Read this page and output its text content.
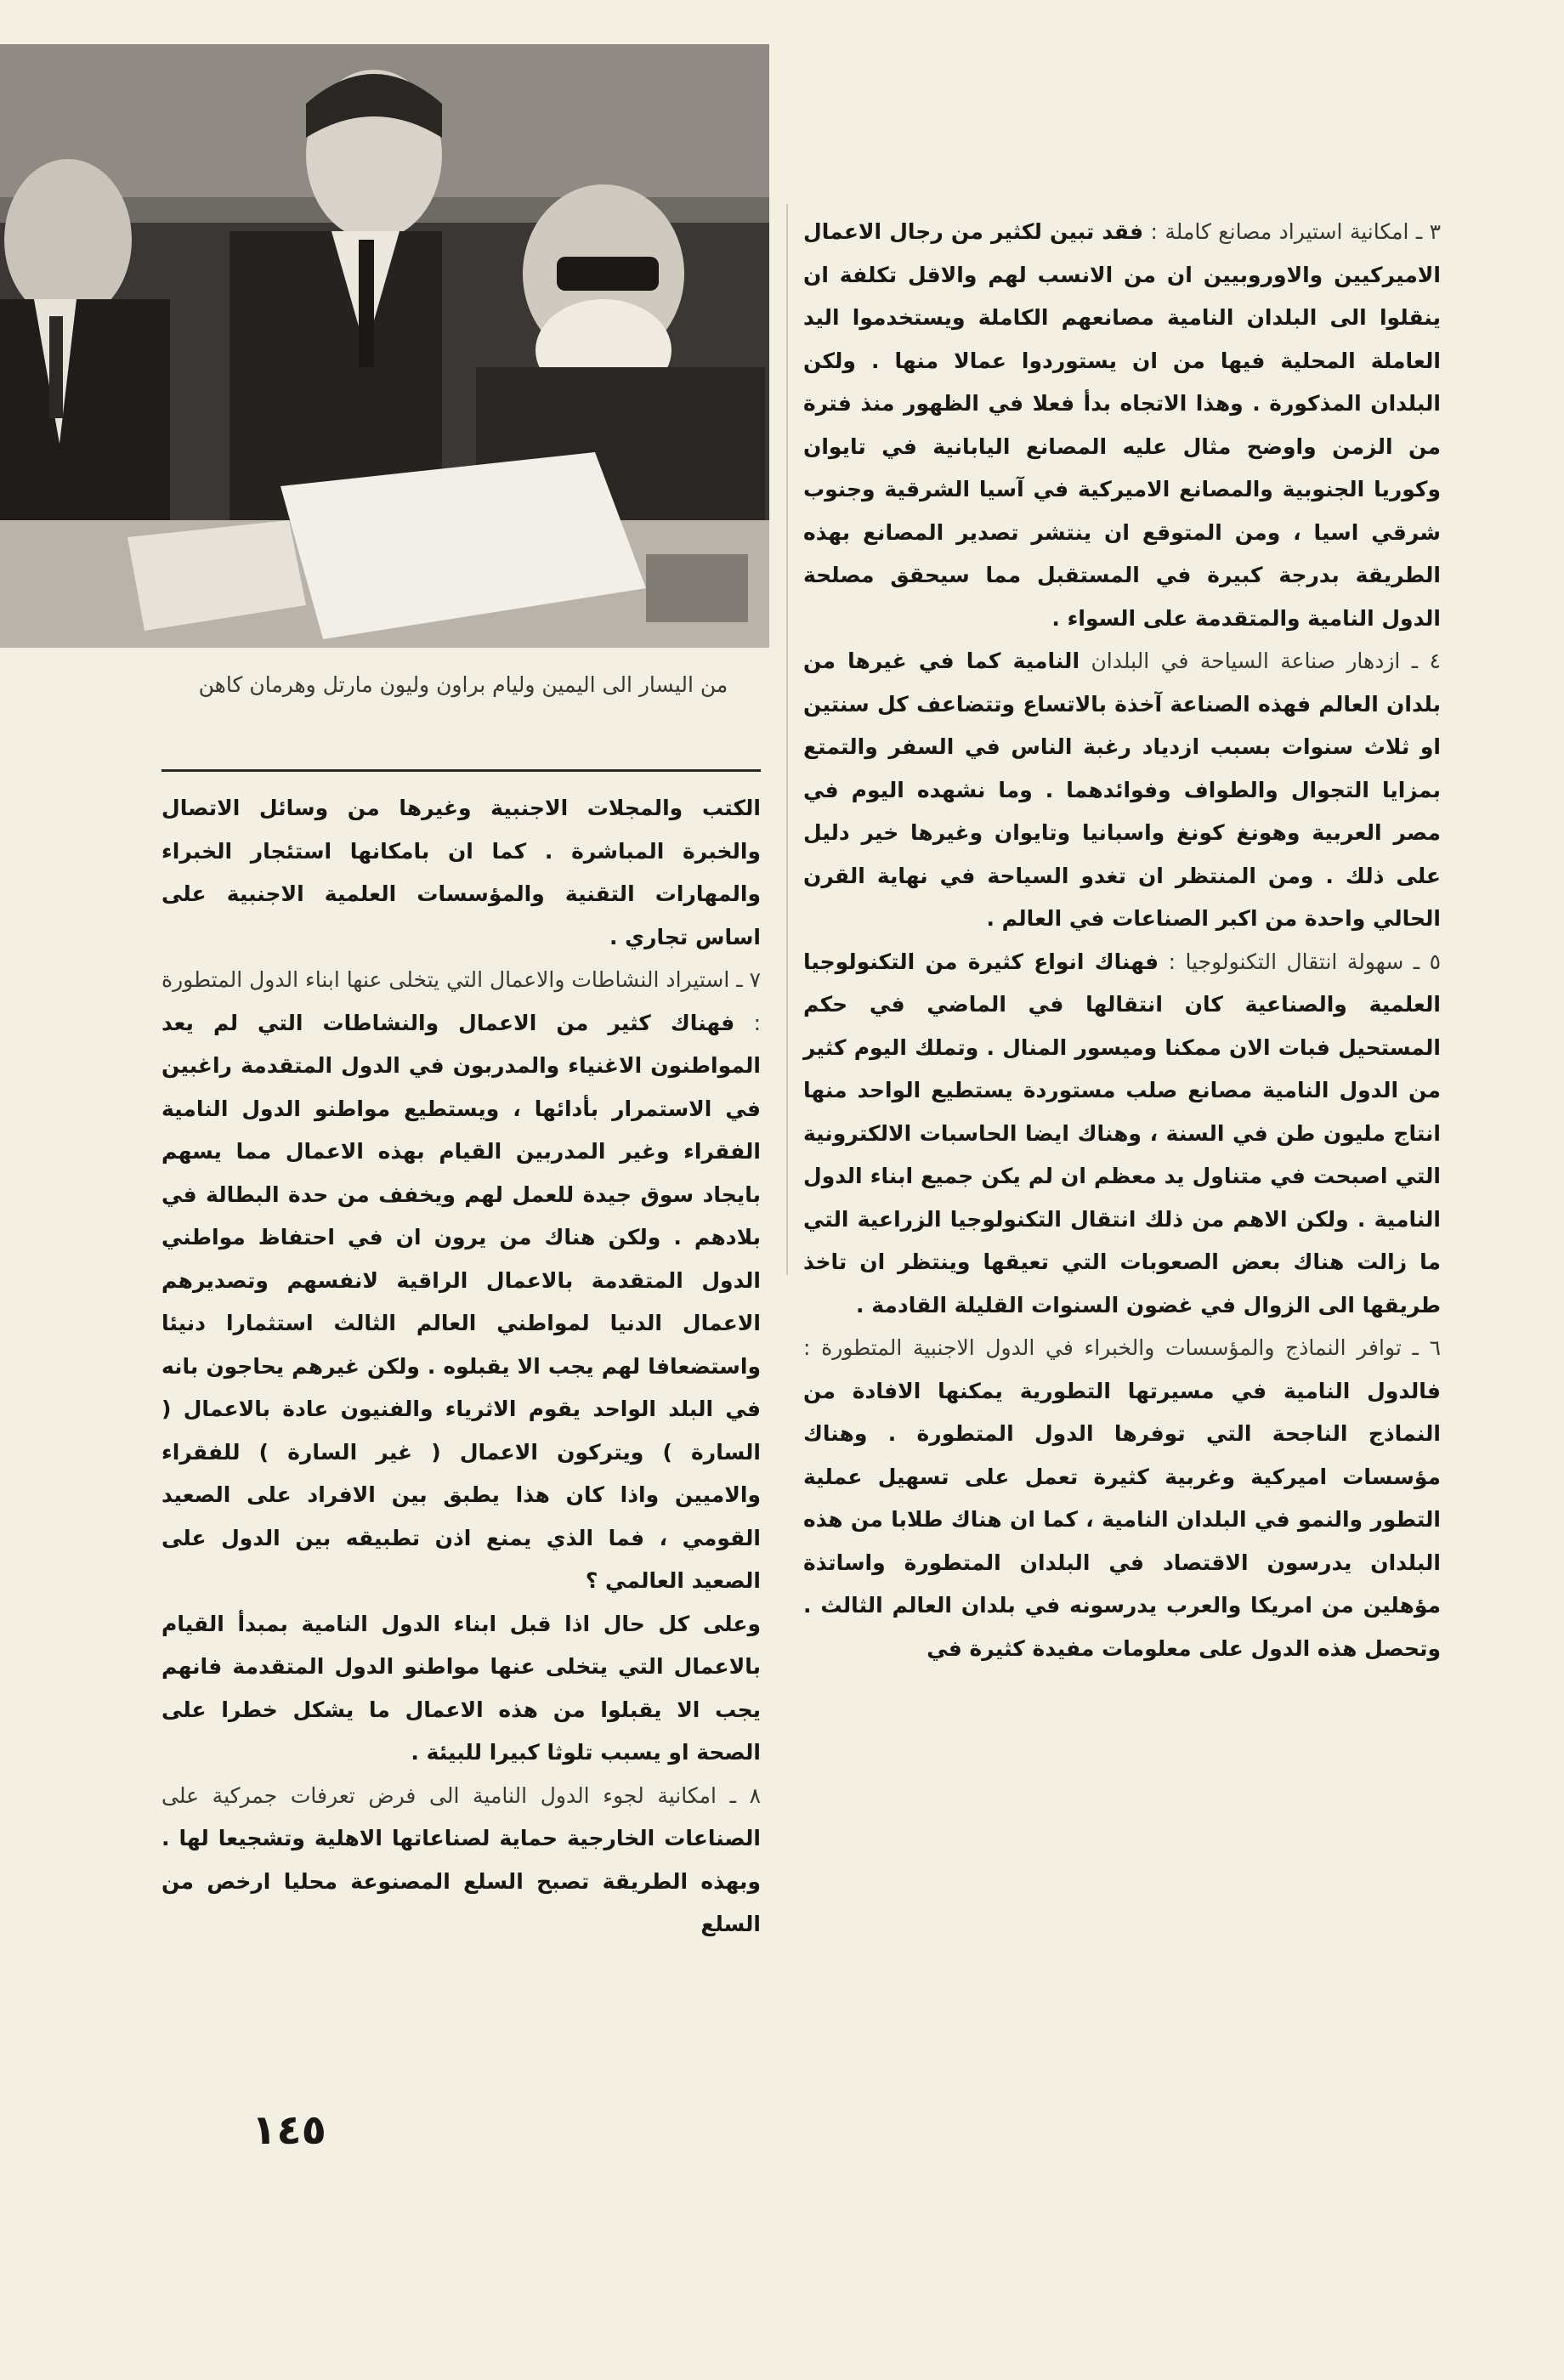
من اليسار الى اليمين وليام براون وليون مارتل وهرمان كاهن

٣ ـ امكانية استيراد مصانع كاملة : فقد تبين لكثير من رجال الاعمال الاميركيين والاوروبيين ان من الانسب لهم والاقل تكلفة ان ينقلوا الى البلدان النامية مصانعهم الكاملة ويستخدموا اليد العاملة المحلية فيها من ان يستوردوا عمالا منها . ولكن البلدان المذكورة . وهذا الاتجاه بدأ فعلا في الظهور منذ فترة من الزمن واوضح مثال عليه المصانع اليابانية في تايوان وكوريا الجنوبية والمصانع الاميركية في آسيا الشرقية وجنوب شرقي اسيا ، ومن المتوقع ان ينتشر تصدير المصانع بهذه الطريقة بدرجة كبيرة في المستقبل مما سيحقق مصلحة الدول النامية والمتقدمة على السواء .

٤ ـ ازدهار صناعة السياحة في البلدان النامية كما في غيرها من بلدان العالم فهذه الصناعة آخذة بالاتساع وتتضاعف كل سنتين او ثلاث سنوات بسبب ازدياد رغبة الناس في السفر والتمتع بمزايا التجوال والطواف وفوائدهما . وما نشهده اليوم في مصر العربية وهونغ كونغ واسبانيا وتايوان وغيرها خير دليل على ذلك . ومن المنتظر ان تغدو السياحة في نهاية القرن الحالي واحدة من اكبر الصناعات في العالم .

٥ ـ سهولة انتقال التكنولوجيا : فهناك انواع كثيرة من التكنولوجيا العلمية والصناعية كان انتقالها في الماضي في حكم المستحيل فبات الان ممكنا وميسور المنال . وتملك اليوم كثير من الدول النامية مصانع صلب مستوردة يستطيع الواحد منها انتاج مليون طن في السنة ، وهناك ايضا الحاسبات الالكترونية التي اصبحت في متناول يد معظم ان لم يكن جميع ابناء الدول النامية . ولكن الاهم من ذلك انتقال التكنولوجيا الزراعية التي ما زالت هناك بعض الصعوبات التي تعيقها وينتظر ان تاخذ طريقها الى الزوال في غضون السنوات القليلة القادمة .

٦ ـ توافر النماذج والمؤسسات والخبراء في الدول الاجنبية المتطورة : فالدول النامية في مسيرتها التطورية يمكنها الافادة من النماذج الناجحة التي توفرها الدول المتطورة . وهناك مؤسسات اميركية وغربية كثيرة تعمل على تسهيل عملية التطور والنمو في البلدان النامية ، كما ان هناك طلابا من هذه البلدان يدرسون الاقتصاد في البلدان المتطورة واساتذة مؤهلين من امريكا والعرب يدرسونه في بلدان العالم الثالث . وتحصل هذه الدول على معلومات مفيدة كثيرة في

الكتب والمجلات الاجنبية وغيرها من وسائل الاتصال والخبرة المباشرة . كما ان بامكانها استئجار الخبراء والمهارات التقنية والمؤسسات العلمية الاجنبية على اساس تجاري .

٧ ـ استيراد النشاطات والاعمال التي يتخلى عنها ابناء الدول المتطورة : فهناك كثير من الاعمال والنشاطات التي لم يعد المواطنون الاغنياء والمدربون في الدول المتقدمة راغبين في الاستمرار بأدائها ، ويستطيع مواطنو الدول النامية الفقراء وغير المدربين القيام بهذه الاعمال مما يسهم بايجاد سوق جيدة للعمل لهم ويخفف من حدة البطالة في بلادهم . ولكن هناك من يرون ان في احتفاظ مواطني الدول المتقدمة بالاعمال الراقية لانفسهم وتصديرهم الاعمال الدنيا لمواطني العالم الثالث استثمارا دنيئا واستضعافا لهم يجب الا يقبلوه . ولكن غيرهم يحاجون بانه في البلد الواحد يقوم الاثرياء والفنيون عادة بالاعمال ( السارة ) ويتركون الاعمال ( غير السارة ) للفقراء والاميين واذا كان هذا يطبق بين الافراد على الصعيد القومي ، فما الذي يمنع اذن تطبيقه بين الدول على الصعيد العالمي ؟

وعلى كل حال اذا قبل ابناء الدول النامية بمبدأ القيام بالاعمال التي يتخلى عنها مواطنو الدول المتقدمة فانهم يجب الا يقبلوا من هذه الاعمال ما يشكل خطرا على الصحة او يسبب تلوثا كبيرا للبيئة .

٨ ـ امكانية لجوء الدول النامية الى فرض تعرفات جمركية على الصناعات الخارجية حماية لصناعاتها الاهلية وتشجيعا لها . وبهذه الطريقة تصبح السلع المصنوعة محليا ارخص من السلع

١٤٥
